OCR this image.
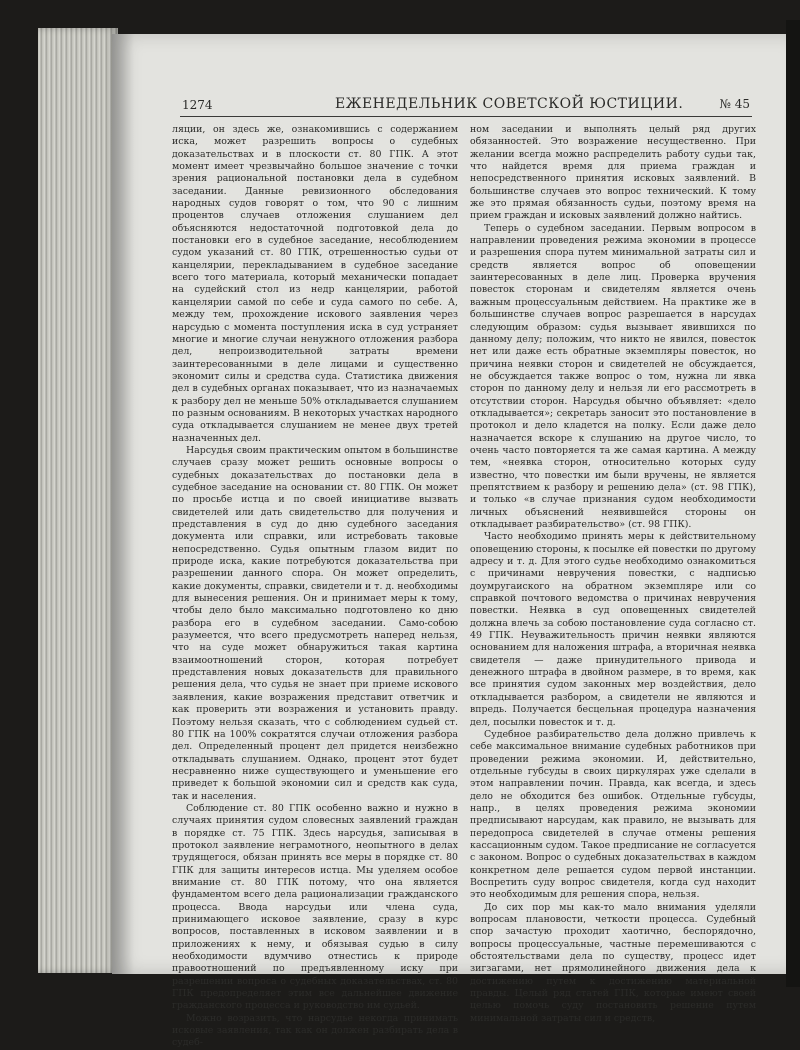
1274	ЕЖЕНЕДЕЛЬНИК СОВЕТСКОЙ ЮСТИЦИИ.	№ 45

ляции, он здесь же, ознакомившись с содержанием иска, может разрешить вопросы о судебных доказательствах и в плоскости ст. 80 ГПК. А этот момент имеет чрезвычайно большое значение с точки зрения рациональной постановки дела в судебном заседании. Данные ревизионного обследования народных судов говорят о том, что 90 с лишним процентов случаев отложения слушанием дел объясняются недостаточной подготовкой дела до постановки его в судебное заседание, несоблюдением судом указаний ст. 80 ГПК, отрешенностью судьи от канцелярии, перекладыванием в судебное заседание всего того материала, который механически попадает на судейский стол из недр канцелярии, работой канцелярии самой по себе и суда самого по себе. А, между тем, прохождение искового заявления через нарсудью с момента поступления иска в суд устраняет многие и многие случаи ненужного отложения разбора дел, непроизводительной затраты времени заинтересованными в деле лицами и существенно экономит силы и средства суда. Статистика движения дел в судебных органах показывает, что из назначаемых к разбору дел не меньше 50% откладывается слушанием по разным основаниям. В некоторых участках народного суда откладывается слушанием не менее двух третей назначенных дел.

Нарсудья своим практическим опытом в большинстве случаев сразу может решить основные вопросы о судебных доказательствах до постановки дела в судебное заседание на основании ст. 80 ГПК. Он может по просьбе истца и по своей инициативе вызвать свидетелей или дать свидетельство для получения и представления в суд до дню судебного заседания документа или справки, или истребовать таковые непосредственно. Судья опытным глазом видит по природе иска, какие потребуются доказательства при разрешении данного спора. Он может определить, какие документы, справки, свидетели и т. д. необходимы для вынесения решения. Он и принимает меры к тому, чтобы дело было максимально подготовлено ко дню разбора его в судебном заседании. Само-собою разумеется, что всего предусмотреть наперед нельзя, что на суде может обнаружиться такая картина взаимоотношений сторон, которая потребует представления новых доказательств для правильного решения дела, что судья не знает при приеме искового заявления, какие возражения представит ответчик и как проверить эти возражения и установить правду. Поэтому нельзя сказать, что с соблюдением судьей ст. 80 ГПК на 100% сократятся случаи отложения разбора дел. Определенный процент дел придется неизбежно откладывать слушанием. Однако, процент этот будет несравненно ниже существующего и уменьшение его приведет к большой экономии сил и средств как суда, так и населения.

Соблюдение ст. 80 ГПК особенно важно и нужно в случаях принятия судом словесных заявлений граждан в порядке ст. 75 ГПК. Здесь нарсудья, записывая в протокол заявление неграмотного, неопытного в делах трудящегося, обязан принять все меры в порядке ст. 80 ГПК для защиты интересов истца. Мы уделяем особое внимание ст. 80 ГПК потому, что она является фундаментом всего дела рационализации гражданского процесса. Ввода нарсудьи или члена суда, принимающего исковое заявление, сразу в курс вопросов, поставленных в исковом заявлении и в приложениях к нему, и обязывая судью в силу необходимости вдумчиво отнестись к природе правоотношений по предъявленному иску при разрешении вопроса о судебных доказательствах, ст. 80 ГПК предопределяет этим все дальнейшее движение гражданского процесса и руководство им судьей.

Можно возразить, что нарсудье некогда принимать исковые заявления, так как он должен разбирать дела в судеб-

ном заседании и выполнять целый ряд других обязанностей. Это возражение несущественно. При желании всегда можно распределить работу судьи так, что найдется время для приема граждан и непосредственного принятия исковых заявлений. В большинстве случаев это вопрос технический. К тому же это прямая обязанность судьи, поэтому время на прием граждан и исковых заявлений должно найтись.

Теперь о судебном заседании. Первым вопросом в направлении проведения режима экономии в процессе и разрешения спора путем минимальной затраты сил и средств является вопрос об оповещении заинтересованных в деле лиц. Проверка вручения повесток сторонам и свидетелям является очень важным процессуальным действием. На практике же в большинстве случаев вопрос разрешается в нарсудах следующим образом: судья вызывает явившихся по данному делу; положим, что никто не явился, повесток нет или даже есть обратные экземпляры повесток, но причина неявки сторон и свидетелей не обсуждается, не обсуждается также вопрос о том, нужна ли явка сторон по данному делу и нельзя ли его рассмотреть в отсутствии сторон. Нарсудья обычно объявляет: «дело откладывается»; секретарь заносит это постановление в протокол и дело кладется на полку. Если даже дело назначается вскоре к слушанию на другое число, то очень часто повторяется та же самая картина. А между тем, «неявка сторон, относительно которых суду известно, что повестки им были вручены, не является препятствием к разбору и решению дела» (ст. 98 ГПК), и только «в случае признания судом необходимости личных объяснений неявившейся стороны он откладывает разбирательство» (ст. 98 ГПК).

Часто необходимо принять меры к действительному оповещению стороны, к посылке ей повестки по другому адресу и т. д. Для этого судье необходимо ознакомиться с причинами невручения повестки, с надписью доумругаиского на обратном экземпляре или со справкой почтового ведомства о причинах невручения повестки. Неявка в суд оповещенных свидетелей должна влечь за собою постановление суда согласно ст. 49 ГПК. Неуважительность причин неявки являются основанием для наложения штрафа, а вторичная неявка свидетеля — даже принудительного привода и денежного штрафа в двойном размере, в то время, как все принятия судом законных мер воздействия, дело откладывается разбором, а свидетели не являются и впредь. Получается бесцельная процедура назначения дел, посылки повесток и т. д.

Судебное разбирательство дела должно привлечь к себе максимальное внимание судебных работников при проведении режима экономии. И, действительно, отдельные губсуды в своих циркулярах уже сделали в этом направлении почин. Правда, как всегда, и здесь дело не обходится без ошибок. Отдельные губсуды, напр., в целях проведения режима экономии предписывают нарсудам, как правило, не вызывать для передопроса свидетелей в случае отмены решения кассационным судом. Такое предписание не согласуется с законом. Вопрос о судебных доказательствах в каждом конкретном деле решается судом первой инстанции. Воспретить суду вопрос свидетеля, когда суд находит это необходимым для решения спора, нельзя.

До сих пор мы как-то мало внимания уделяли вопросам плановости, четкости процесса. Судебный спор зачастую проходит хаотично, беспорядочно, вопросы процессуальные, частные перемешиваются с обстоятельствами дела по существу, процесс идет зигзагами, нет прямолинейного движения дела к достижению путем к достижению материальной правды. Целый ряд статей ГПК, которые имеют своей целью помочь суду постановить решение путем минимальной затраты сил и средств,
